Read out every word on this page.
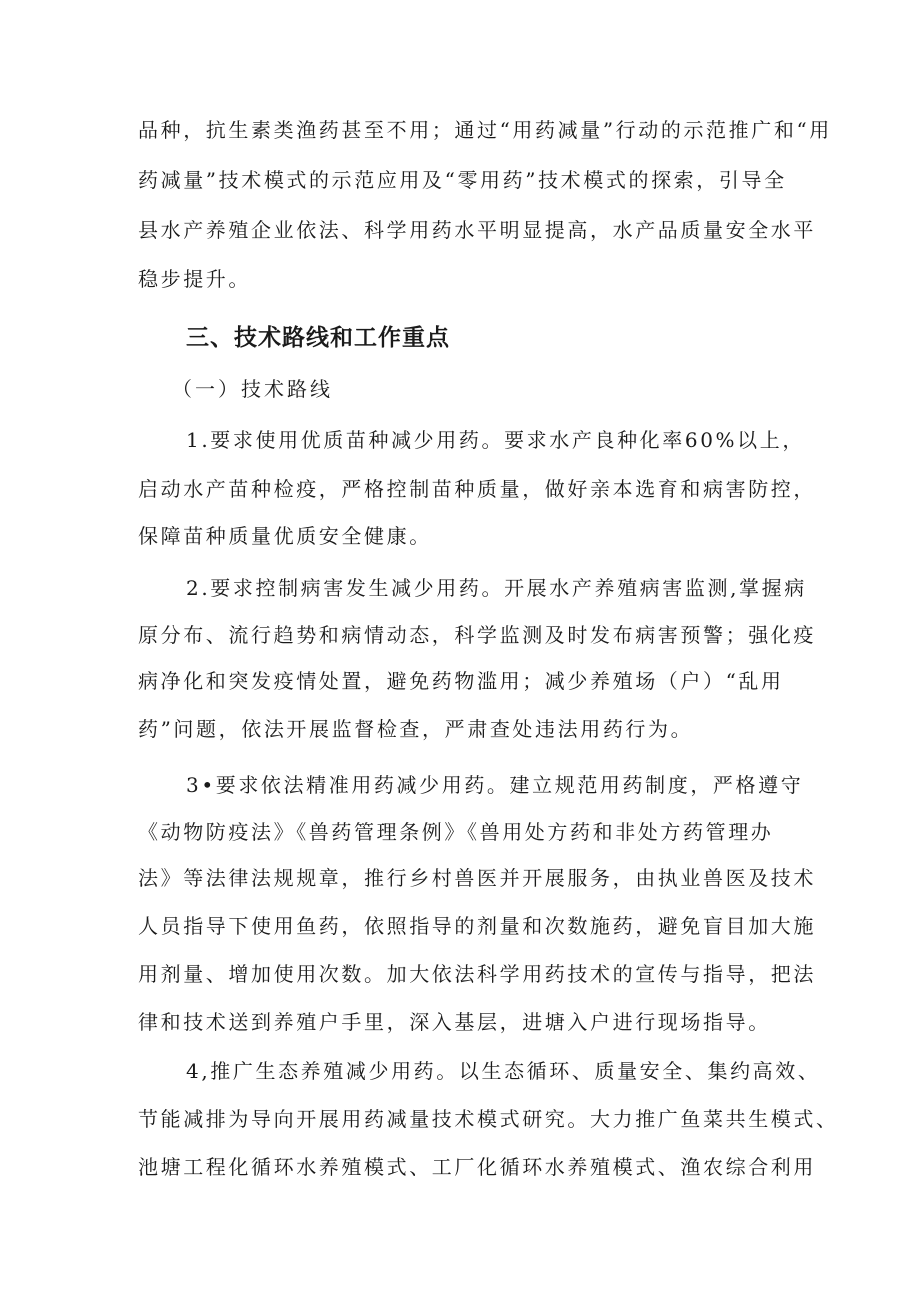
品种，抗生素类渔药甚至不用；通过“用药减量”行动的示范推广和“用
药减量”技术模式的示范应用及“零用药”技术模式的探索，引导全
县水产养殖企业依法、科学用药水平明显提高，水产品质量安全水平
稳步提升。
三、技术路线和工作重点
（一）技术路线
1.要求使用优质苗种减少用药。要求水产良种化率60%以上，
启动水产苗种检疫，严格控制苗种质量，做好亲本选育和病害防控，
保障苗种质量优质安全健康。
2.要求控制病害发生减少用药。开展水产养殖病害监测,掌握病
原分布、流行趋势和病情动态，科学监测及时发布病害预警；强化疫
病净化和突发疫情处置，避免药物滥用；减少养殖场（户）“乱用
药”问题，依法开展监督检查，严肃查处违法用药行为。
3•要求依法精准用药减少用药。建立规范用药制度，严格遵守
《动物防疫法》《兽药管理条例》《兽用处方药和非处方药管理办
法》等法律法规规章，推行乡村兽医并开展服务，由执业兽医及技术
人员指导下使用鱼药，依照指导的剂量和次数施药，避免盲目加大施
用剂量、增加使用次数。加大依法科学用药技术的宣传与指导，把法
律和技术送到养殖户手里，深入基层，进塘入户进行现场指导。
4,推广生态养殖减少用药。以生态循环、质量安全、集约高效、
节能减排为导向开展用药减量技术模式研究。大力推广鱼菜共生模式、
池塘工程化循环水养殖模式、工厂化循环水养殖模式、渔农综合利用
